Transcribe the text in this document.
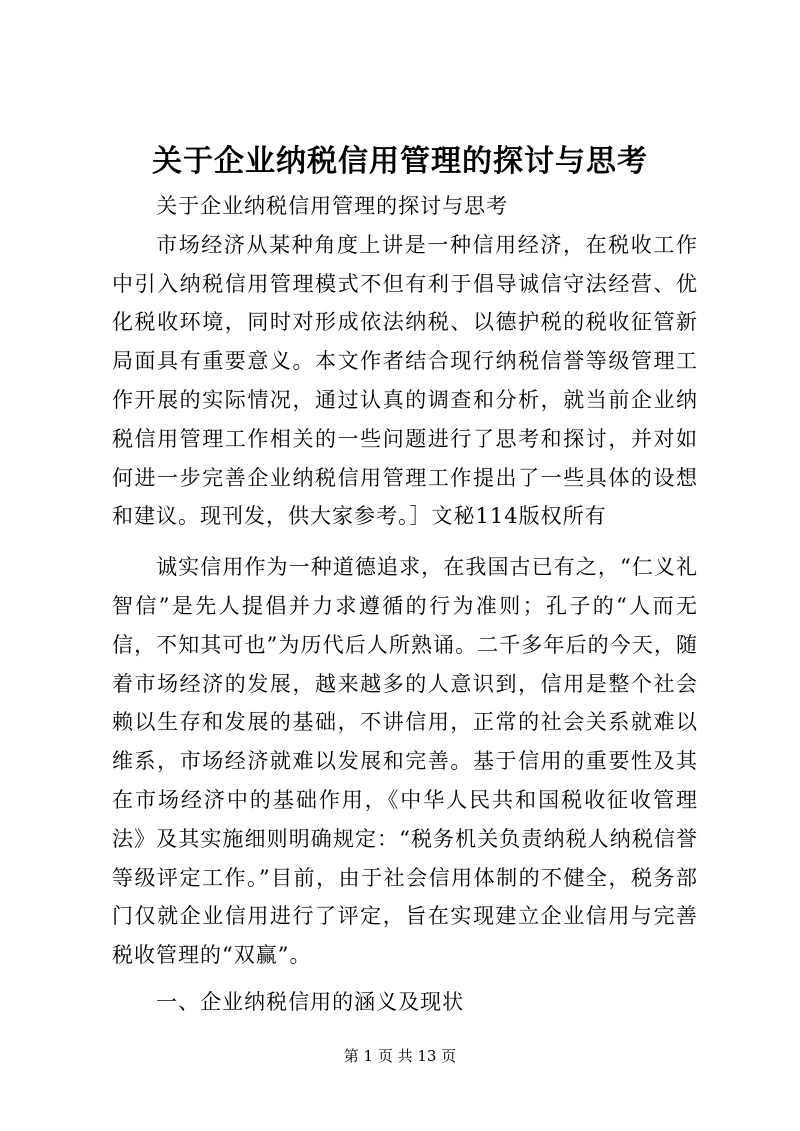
关于企业纳税信用管理的探讨与思考

关于企业纳税信用管理的探讨与思考

市场经济从某种角度上讲是一种信用经济，在税收工作中引入纳税信用管理模式不但有利于倡导诚信守法经营、优化税收环境，同时对形成依法纳税、以德护税的税收征管新局面具有重要意义。本文作者结合现行纳税信誉等级管理工作开展的实际情况，通过认真的调查和分析，就当前企业纳税信用管理工作相关的一些问题进行了思考和探讨，并对如何进一步完善企业纳税信用管理工作提出了一些具体的设想和建议。现刊发，供大家参考。］文秘114版权所有

诚实信用作为一种道德追求，在我国古已有之，“仁义礼智信”是先人提倡并力求遵循的行为准则；孔子的“人而无信，不知其可也”为历代后人所熟诵。二千多年后的今天，随着市场经济的发展，越来越多的人意识到，信用是整个社会赖以生存和发展的基础，不讲信用，正常的社会关系就难以维系，市场经济就难以发展和完善。基于信用的重要性及其在市场经济中的基础作用，《中华人民共和国税收征收管理法》及其实施细则明确规定：“税务机关负责纳税人纳税信誉等级评定工作。”目前，由于社会信用体制的不健全，税务部门仅就企业信用进行了评定，旨在实现建立企业信用与完善税收管理的“双赢”。

一、企业纳税信用的涵义及现状

第 1 页 共 13 页
